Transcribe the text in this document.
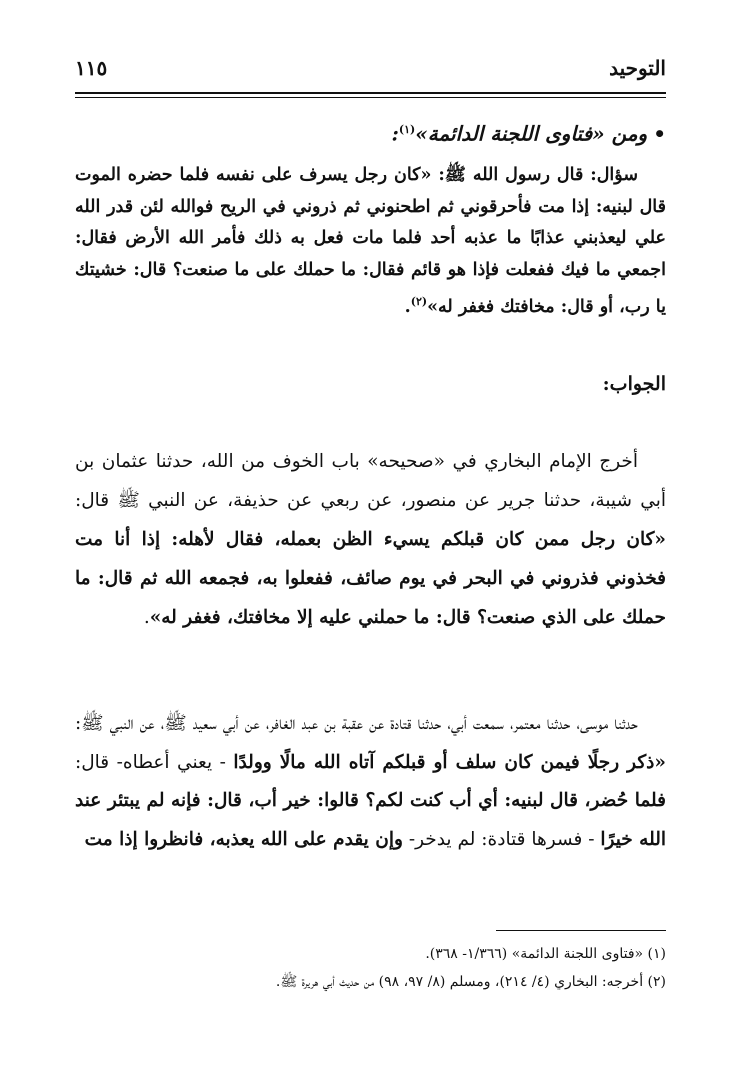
التوحيد
١١٥
•ومن «فتاوى اللجنة الدائمة»$^{(١)}$:
سؤال: قال رسول الله ﷺ: «كان رجل يسرف على نفسه فلما حضره الموت قال لبنيه: إذا مت فأحرقوني ثم اطحنوني ثم ذروني في الريح فوالله لئن قدر الله علي ليعذبني عذابًا ما عذبه أحد فلما مات فعل به ذلك فأمر الله الأرض فقال: اجمعي ما فيك ففعلت فإذا هو قائم فقال: ما حملك على ما صنعت؟ قال: خشيتك يا رب، أو قال: مخافتك فغفر له»$^{(٢)}$.
الجواب:
أخرج الإمام البخاري في «صحيحه» باب الخوف من الله، حدثنا عثمان بن أبي شيبة، حدثنا جرير عن منصور، عن ربعي عن حذيفة، عن النبي ﷺ قال: «كان رجل ممن كان قبلكم يسيء الظن بعمله، فقال لأهله: إذا أنا مت فخذوني فذروني في البحر في يوم صائف، ففعلوا به، فجمعه الله ثم قال: ما حملك على الذي صنعت؟ قال: ما حملني عليه إلا مخافتك، فغفر له».
حدثنا موسى، حدثنا معتمر، سمعت أبي، حدثنا قتادة عن عقبة بن عبد الغافر، عن أبي سعيد ﷺ، عن النبي ﷺ: «ذكر رجلًا فيمن كان سلف أو قبلكم آتاه الله مالًا وولدًا - يعني أعطاه- قال: فلما حُضر، قال لبنيه: أي أب كنت لكم؟ قالوا: خير أب، قال: فإنه لم يبتئر عند الله خيرًا - فسرها قتادة: لم يدخر- وإن يقدم على الله يعذبه، فانظروا إذا مت
(١) «فتاوى اللجنة الدائمة» (١/٣٦٦- ٣٦٨).
(٢) أخرجه: البخاري (٤/ ٢١٤)، ومسلم (٨/ ٩٧، ٩٨) من حديث أبي هريرة ﷺ.
